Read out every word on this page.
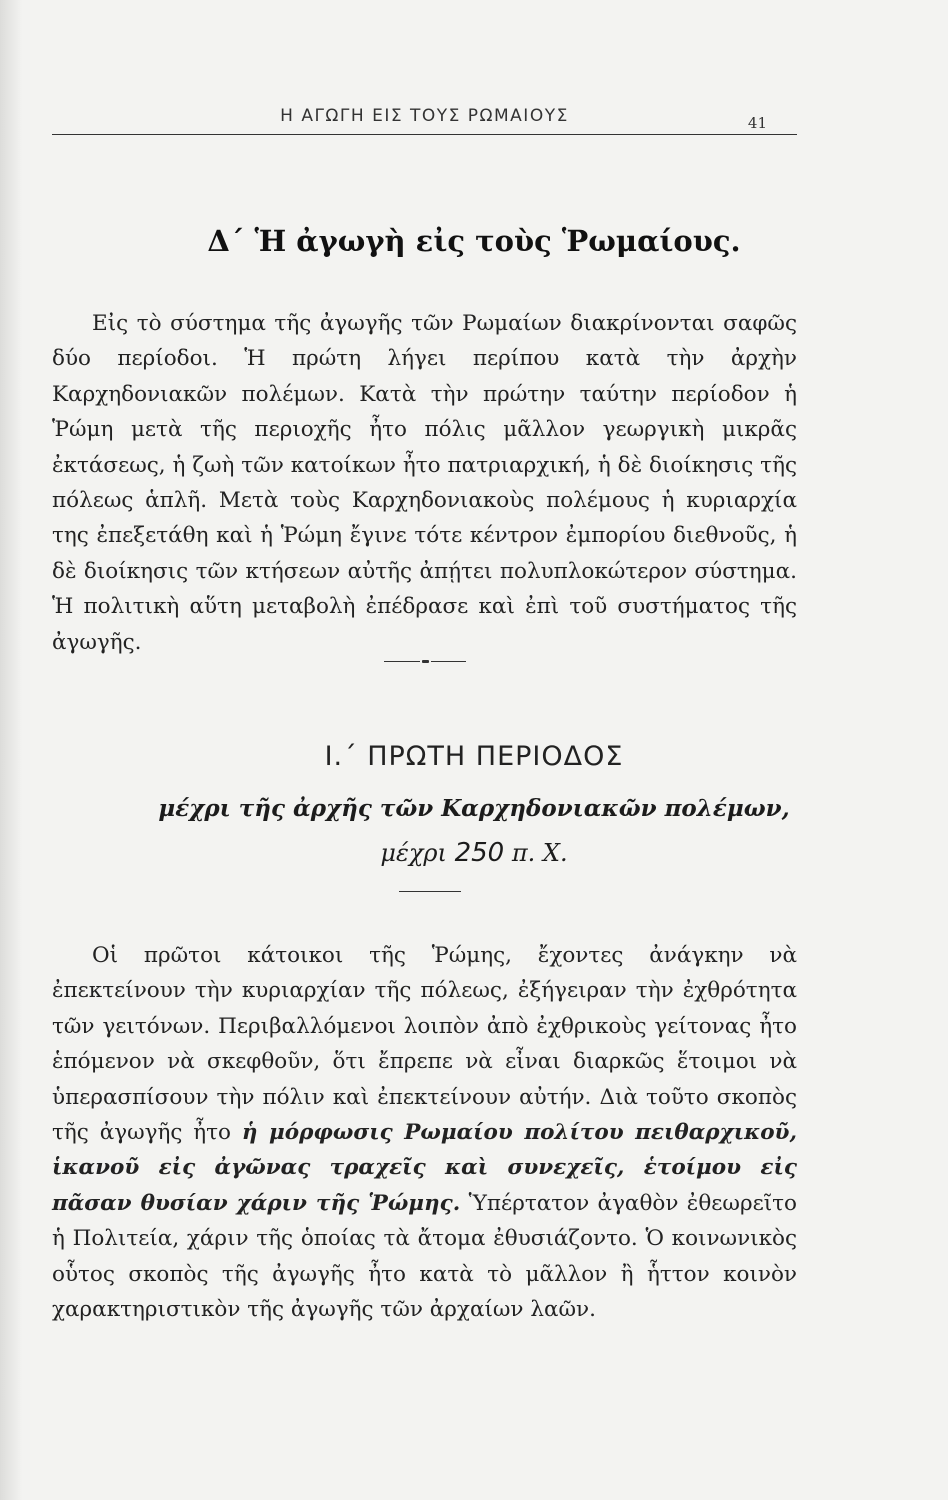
Η ΑΓΩΓΗ ΕΙΣ ΤΟΥΣ ΡΩΜΑΙΟΥΣ	41
Δ΄ Ἡ ἀγωγὴ εἰς τοὺς Ῥωμαίους.

Εἰς τὸ σύστημα τῆς ἀγωγῆς τῶν Ρωμαίων διακρίνονται σαφῶς δύο περίοδοι. Ἡ πρώτη λήγει περίπου κατὰ τὴν ἀρχὴν Καρχηδονιακῶν πολέμων. Κατὰ τὴν πρώτην ταύτην περίοδον ἡ Ῥώμη μετὰ τῆς περιοχῆς ἦτο πόλις μᾶλλον γεωργικὴ μικρᾶς ἐκτάσεως, ἡ ζωὴ τῶν κατοίκων ἦτο πατριαρχική, ἡ δὲ διοίκησις τῆς πόλεως ἁπλῆ. Μετὰ τοὺς Καρχηδονιακοὺς πολέμους ἡ κυριαρχία της ἐπεξετάθη καὶ ἡ Ῥώμη ἔγινε τότε κέντρον ἐμπορίου διεθνοῦς, ἡ δὲ διοίκησις τῶν κτήσεων αὐτῆς ἀπῄτει πολυπλοκώτερον σύστημα. Ἡ πολιτικὴ αὕτη μεταβολὴ ἐπέδρασε καὶ ἐπὶ τοῦ συστήματος τῆς ἀγωγῆς.

Ι.΄ ΠΡΩΤΗ ΠΕΡΙΟΔΟΣ
μέχρι τῆς ἀρχῆς τῶν Καρχηδονιακῶν πολέμων,
μέχρι 250 π. Χ.

Οἱ πρῶτοι κάτοικοι τῆς Ῥώμης, ἔχοντες ἀνάγκην νὰ ἐπεκτείνουν τὴν κυριαρχίαν τῆς πόλεως, ἐξήγειραν τὴν ἐχθρότητα τῶν γειτόνων. Περιβαλλόμενοι λοιπὸν ἀπὸ ἐχθρικοὺς γείτονας ἦτο ἑπόμενον νὰ σκεφθοῦν, ὅτι ἔπρεπε νὰ εἶναι διαρκῶς ἕτοιμοι νὰ ὑπερασπίσουν τὴν πόλιν καὶ ἐπεκτείνουν αὐτήν. Διὰ τοῦτο σκοπὸς τῆς ἀγωγῆς ἦτο ἡ μόρφωσις Ρωμαίου πολίτου πειθαρχικοῦ, ἱκανοῦ εἰς ἀγῶνας τραχεῖς καὶ συνεχεῖς, ἑτοίμου εἰς πᾶσαν θυσίαν χάριν τῆς Ῥώμης. Ὑπέρτατον ἀγαθὸν ἐθεωρεῖτο ἡ Πολιτεία, χάριν τῆς ὁποίας τὰ ἄτομα ἐθυσιάζοντο. Ὁ κοινωνικὸς οὗτος σκοπὸς τῆς ἀγωγῆς ἦτο κατὰ τὸ μᾶλλον ἢ ἧττον κοινὸν χαρακτηριστικὸν τῆς ἀγωγῆς τῶν ἀρχαίων λαῶν.
